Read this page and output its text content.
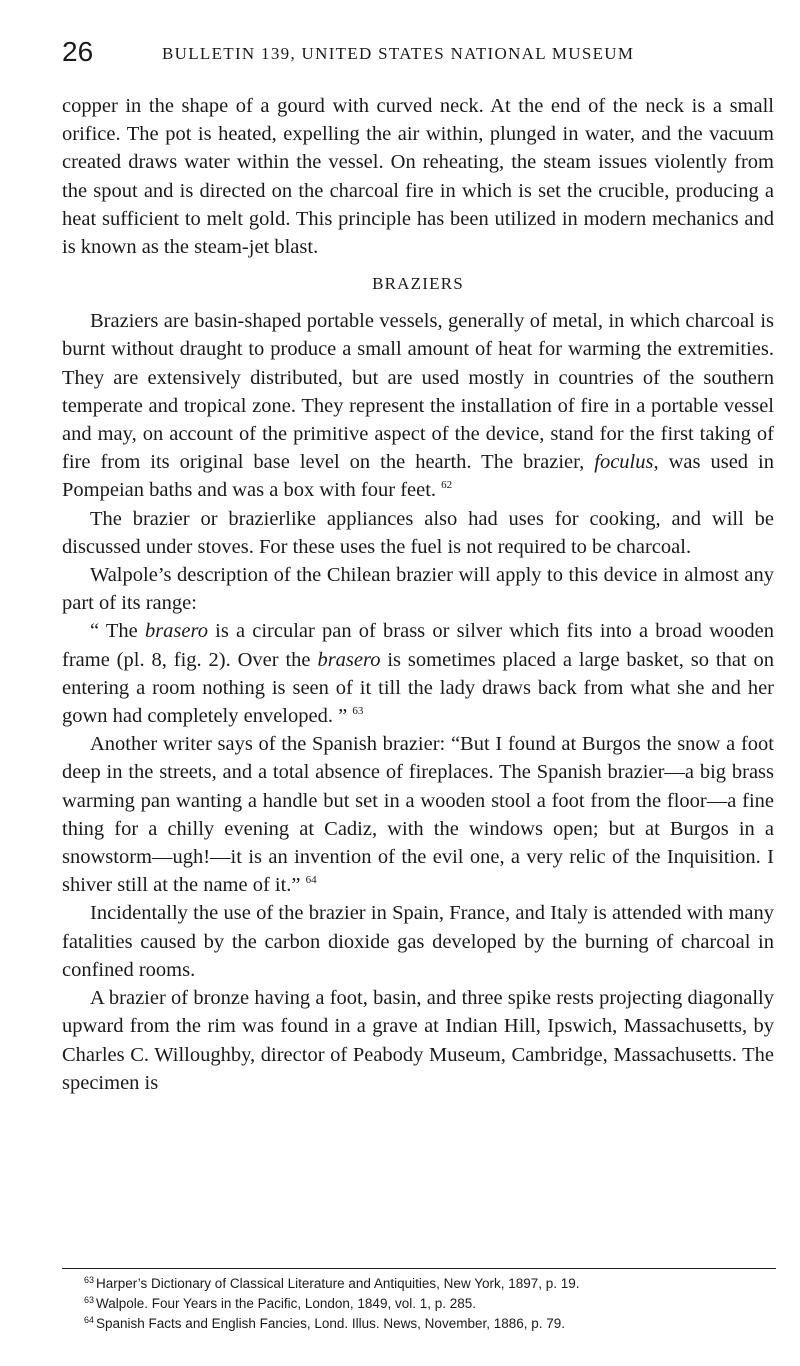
26	BULLETIN 139, UNITED STATES NATIONAL MUSEUM

copper in the shape of a gourd with curved neck. At the end of the neck is a small orifice. The pot is heated, expelling the air within, plunged in water, and the vacuum created draws water within the vessel. On reheating, the steam issues violently from the spout and is directed on the charcoal fire in which is set the crucible, producing a heat sufficient to melt gold. This principle has been utilized in modern mechanics and is known as the steam-jet blast.

BRAZIERS

Braziers are basin-shaped portable vessels, generally of metal, in which charcoal is burnt without draught to produce a small amount of heat for warming the extremities. They are extensively distributed, but are used mostly in countries of the southern temperate and tropical zone. They represent the installation of fire in a portable vessel and may, on account of the primitive aspect of the device, stand for the first taking of fire from its original base level on the hearth. The brazier, foculus, was used in Pompeian baths and was a box with four feet. $^{62}$

The brazier or brazierlike appliances also had uses for cooking, and will be discussed under stoves. For these uses the fuel is not required to be charcoal.

Walpole’s description of the Chilean brazier will apply to this device in almost any part of its range:

“ The brasero is a circular pan of brass or silver which fits into a broad wooden frame (pl. 8, fig. 2). Over the brasero is sometimes placed a large basket, so that on entering a room nothing is seen of it till the lady draws back from what she and her gown had completely enveloped. ” $^{63}$

Another writer says of the Spanish brazier: “But I found at Burgos the snow a foot deep in the streets, and a total absence of fireplaces. The Spanish brazier—a big brass warming pan wanting a handle but set in a wooden stool a foot from the floor—a fine thing for a chilly evening at Cadiz, with the windows open; but at Burgos in a snowstorm—ugh!—it is an invention of the evil one, a very relic of the Inquisition. I shiver still at the name of it.” $^{64}$

Incidentally the use of the brazier in Spain, France, and Italy is attended with many fatalities caused by the carbon dioxide gas developed by the burning of charcoal in confined rooms.

A brazier of bronze having a foot, basin, and three spike rests projecting diagonally upward from the rim was found in a grave at Indian Hill, Ipswich, Massachusetts, by Charles C. Willoughby, director of Peabody Museum, Cambridge, Massachusetts. The specimen is

$^{63}$ Harper’s Dictionary of Classical Literature and Antiquities, New York, 1897, p. 19.
$^{63}$ Walpole. Four Years in the Pacific, London, 1849, vol. 1, p. 285.
$^{64}$ Spanish Facts and English Fancies, Lond. Illus. News, November, 1886, p. 79.
